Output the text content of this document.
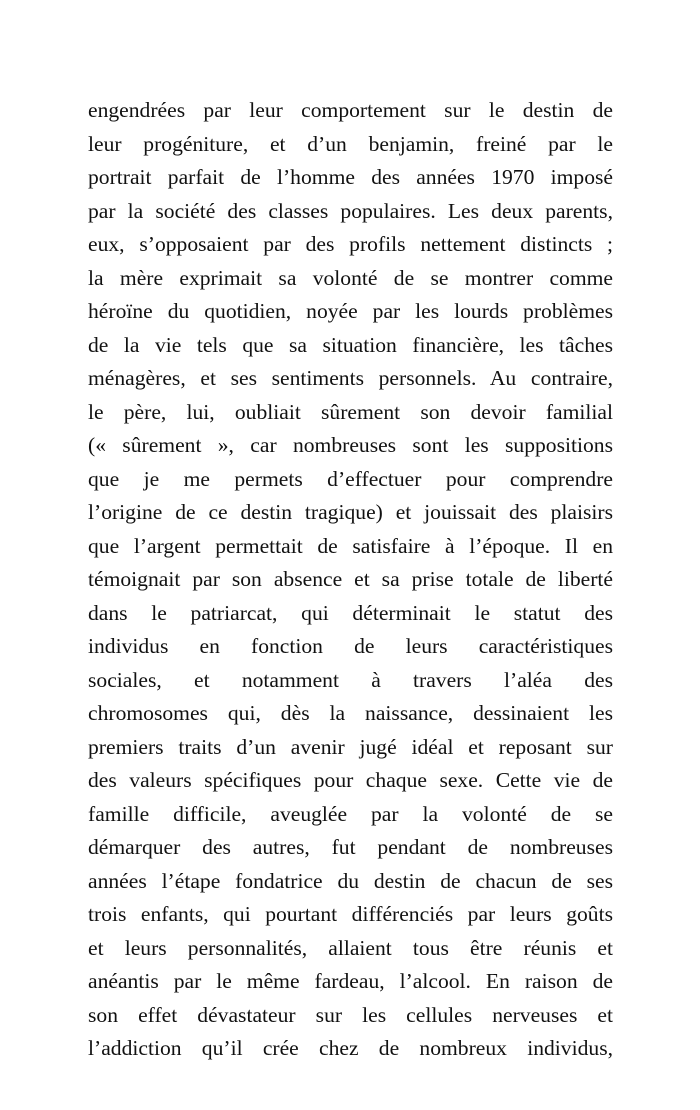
engendrées par leur comportement sur le destin de
leur progéniture, et d’un benjamin, freiné par le
portrait parfait de l’homme des années 1970 imposé
par la société des classes populaires. Les deux parents,
eux, s’opposaient par des profils nettement distincts ;
la mère exprimait sa volonté de se montrer comme
héroïne du quotidien, noyée par les lourds problèmes
de la vie tels que sa situation financière, les tâches
ménagères, et ses sentiments personnels. Au contraire,
le père, lui, oubliait sûrement son devoir familial
(« sûrement », car nombreuses sont les suppositions
que je me permets d’effectuer pour comprendre
l’origine de ce destin tragique) et jouissait des plaisirs
que l’argent permettait de satisfaire à l’époque. Il en
témoignait par son absence et sa prise totale de liberté
dans le patriarcat, qui déterminait le statut des
individus en fonction de leurs caractéristiques
sociales, et notamment à travers l’aléa des
chromosomes qui, dès la naissance, dessinaient les
premiers traits d’un avenir jugé idéal et reposant sur
des valeurs spécifiques pour chaque sexe. Cette vie de
famille difficile, aveuglée par la volonté de se
démarquer des autres, fut pendant de nombreuses
années l’étape fondatrice du destin de chacun de ses
trois enfants, qui pourtant différenciés par leurs goûts
et leurs personnalités, allaient tous être réunis et
anéantis par le même fardeau, l’alcool. En raison de
son effet dévastateur sur les cellules nerveuses et
l’addiction qu’il crée chez de nombreux individus,
